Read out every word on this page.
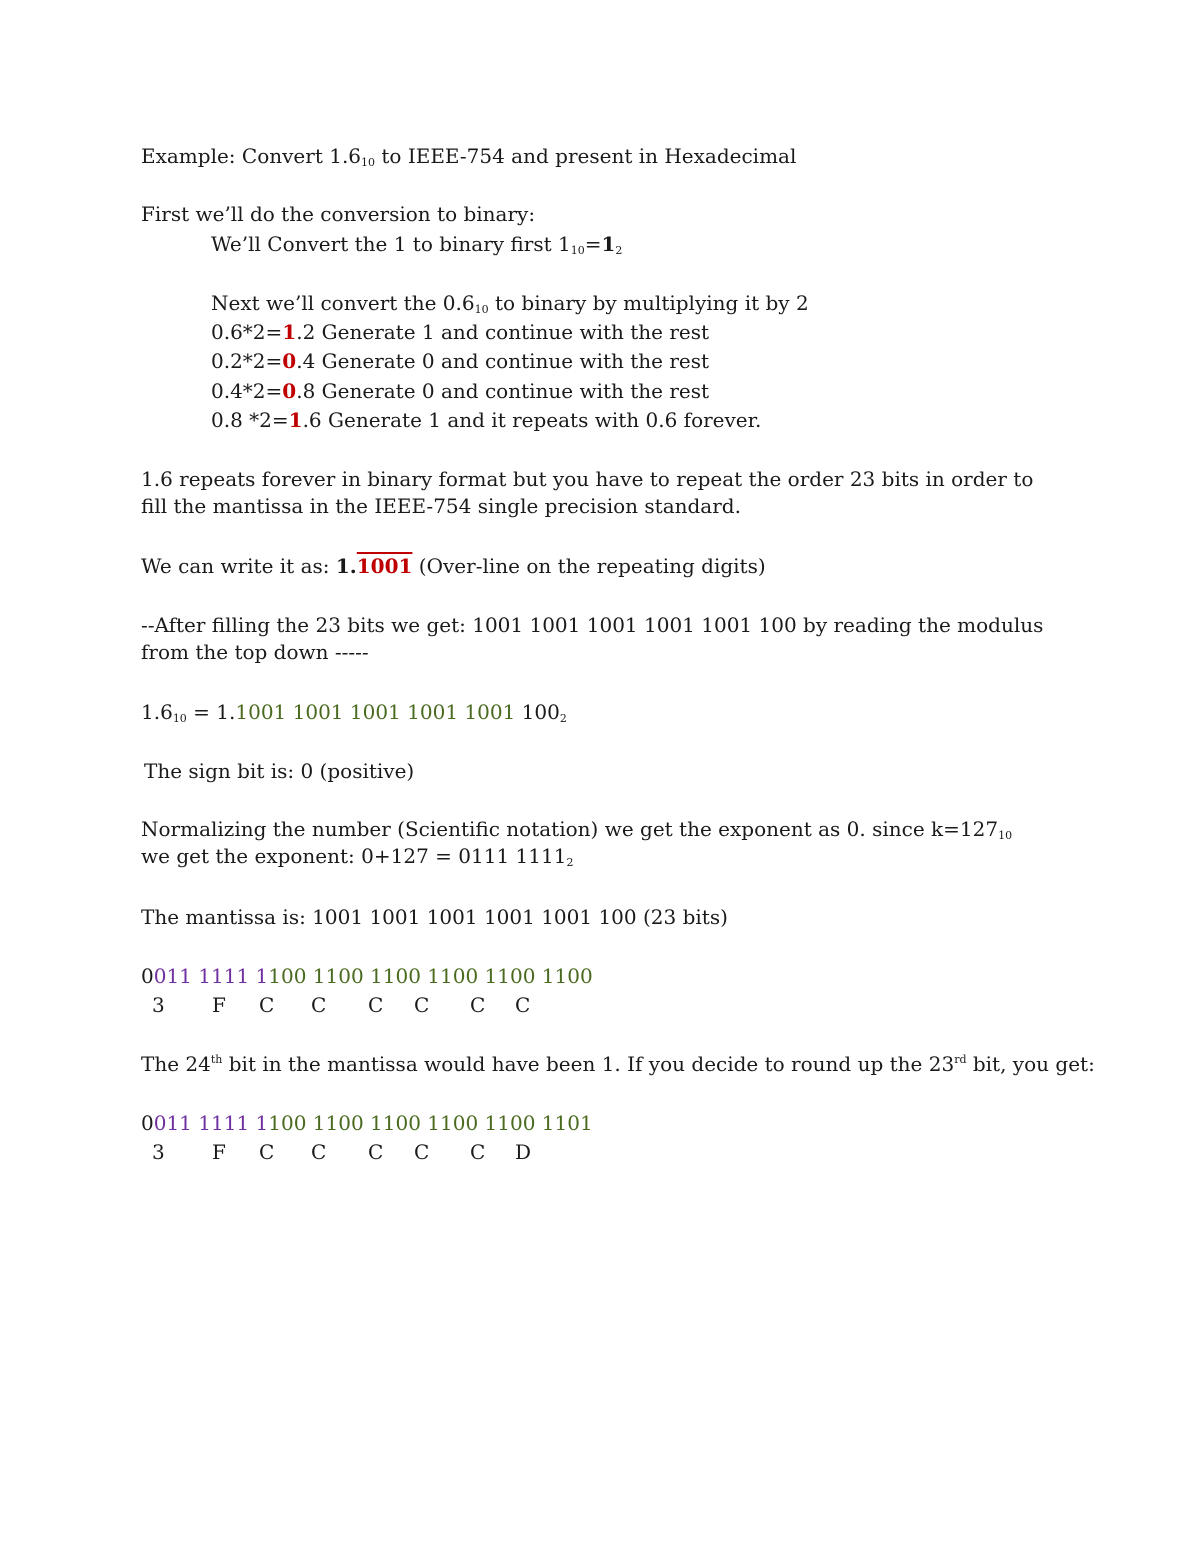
Example: Convert $1.6_{10}$ to IEEE-754 and present in Hexadecimal
First we’ll do the conversion to binary:
We’ll Convert the 1 to binary first $1_{10}=1_2$
Next we’ll convert the $0.6_{10}$ to binary by multiplying it by 2
0.6*2=1.2 Generate 1 and continue with the rest
0.2*2=0.4 Generate 0 and continue with the rest
0.4*2=0.8 Generate 0 and continue with the rest
0.8 *2=1.6 Generate 1 and it repeats with 0.6 forever.
1.6 repeats forever in binary format but you have to repeat the order 23 bits in order to fill the mantissa in the IEEE-754 single precision standard.
We can write it as: 1.1001 (Over-line on the repeating digits)
--After filling the 23 bits we get: 1001 1001 1001 1001 1001 100 by reading the modulus from the top down -----
$1.6_{10} = 1.1001$ 1001 1001 1001 1001 $100_2$
The sign bit is: 0 (positive)
Normalizing the number (Scientific notation) we get the exponent as 0. since $k=127_{10}$ we get the exponent: 0+127 = 0111 $1111_2$
The mantissa is: 1001 1001 1001 1001 1001 100 (23 bits)
0011 1111 1100 1100 1100 1100 1100 1100
3 F C C C C C C
The 24th bit in the mantissa would have been 1. If you decide to round up the 23rd bit, you get:
0011 1111 1100 1100 1100 1100 1100 1101
3 F C C C C C D
